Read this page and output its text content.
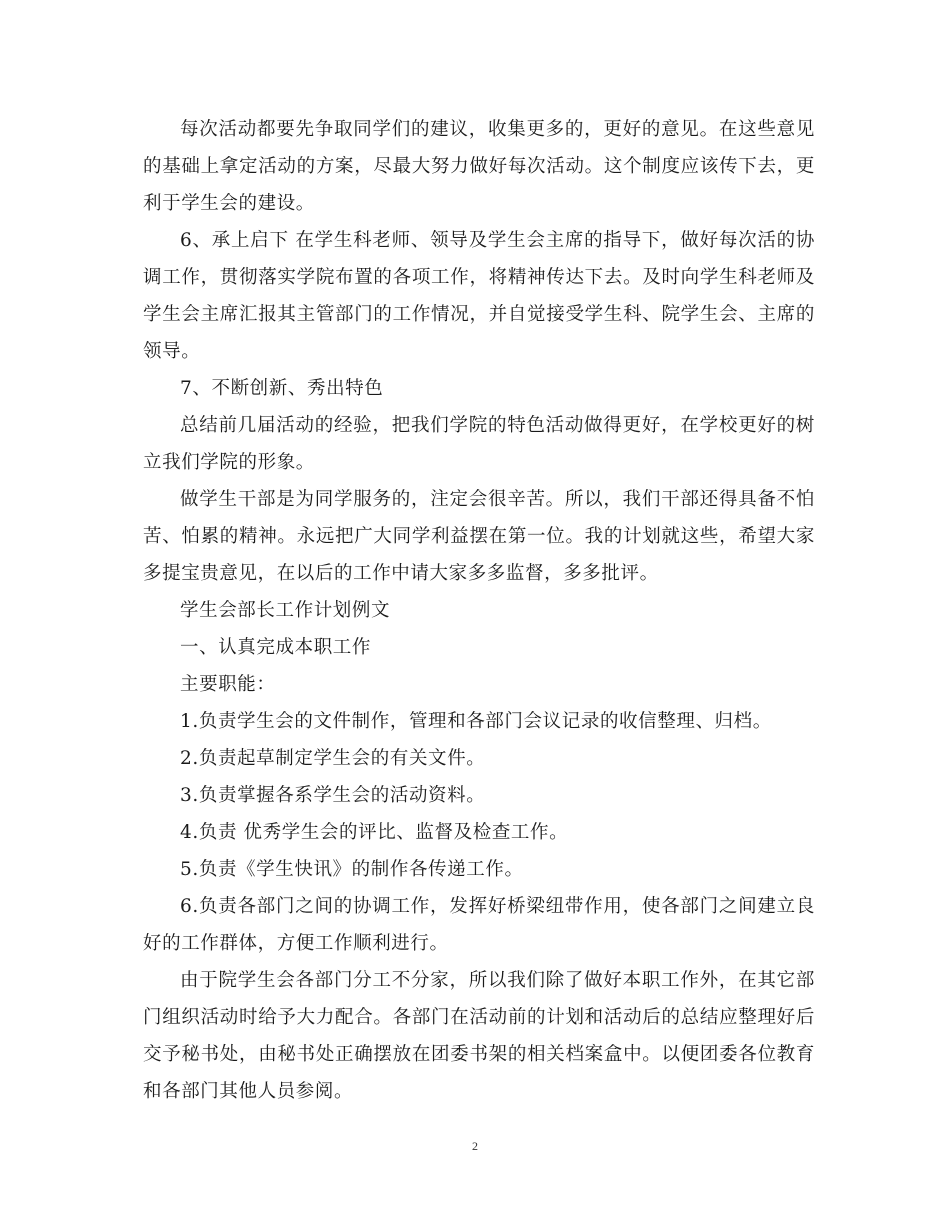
每次活动都要先争取同学们的建议，收集更多的，更好的意见。在这些意见的基础上拿定活动的方案，尽最大努力做好每次活动。这个制度应该传下去，更利于学生会的建设。

6、承上启下 在学生科老师、领导及学生会主席的指导下，做好每次活的协调工作，贯彻落实学院布置的各项工作，将精神传达下去。及时向学生科老师及学生会主席汇报其主管部门的工作情况，并自觉接受学生科、院学生会、主席的领导。

7、不断创新、秀出特色

总结前几届活动的经验，把我们学院的特色活动做得更好，在学校更好的树立我们学院的形象。

做学生干部是为同学服务的，注定会很辛苦。所以，我们干部还得具备不怕苦、怕累的精神。永远把广大同学利益摆在第一位。我的计划就这些，希望大家多提宝贵意见，在以后的工作中请大家多多监督，多多批评。

学生会部长工作计划例文

一、认真完成本职工作

主要职能：

1.负责学生会的文件制作，管理和各部门会议记录的收信整理、归档。

2.负责起草制定学生会的有关文件。

3.负责掌握各系学生会的活动资料。

4.负责 优秀学生会的评比、监督及检查工作。

5.负责《学生快讯》的制作各传递工作。

6.负责各部门之间的协调工作，发挥好桥梁纽带作用，使各部门之间建立良好的工作群体，方便工作顺利进行。

由于院学生会各部门分工不分家，所以我们除了做好本职工作外，在其它部门组织活动时给予大力配合。各部门在活动前的计划和活动后的总结应整理好后交予秘书处，由秘书处正确摆放在团委书架的相关档案盒中。以便团委各位教育和各部门其他人员参阅。

2
